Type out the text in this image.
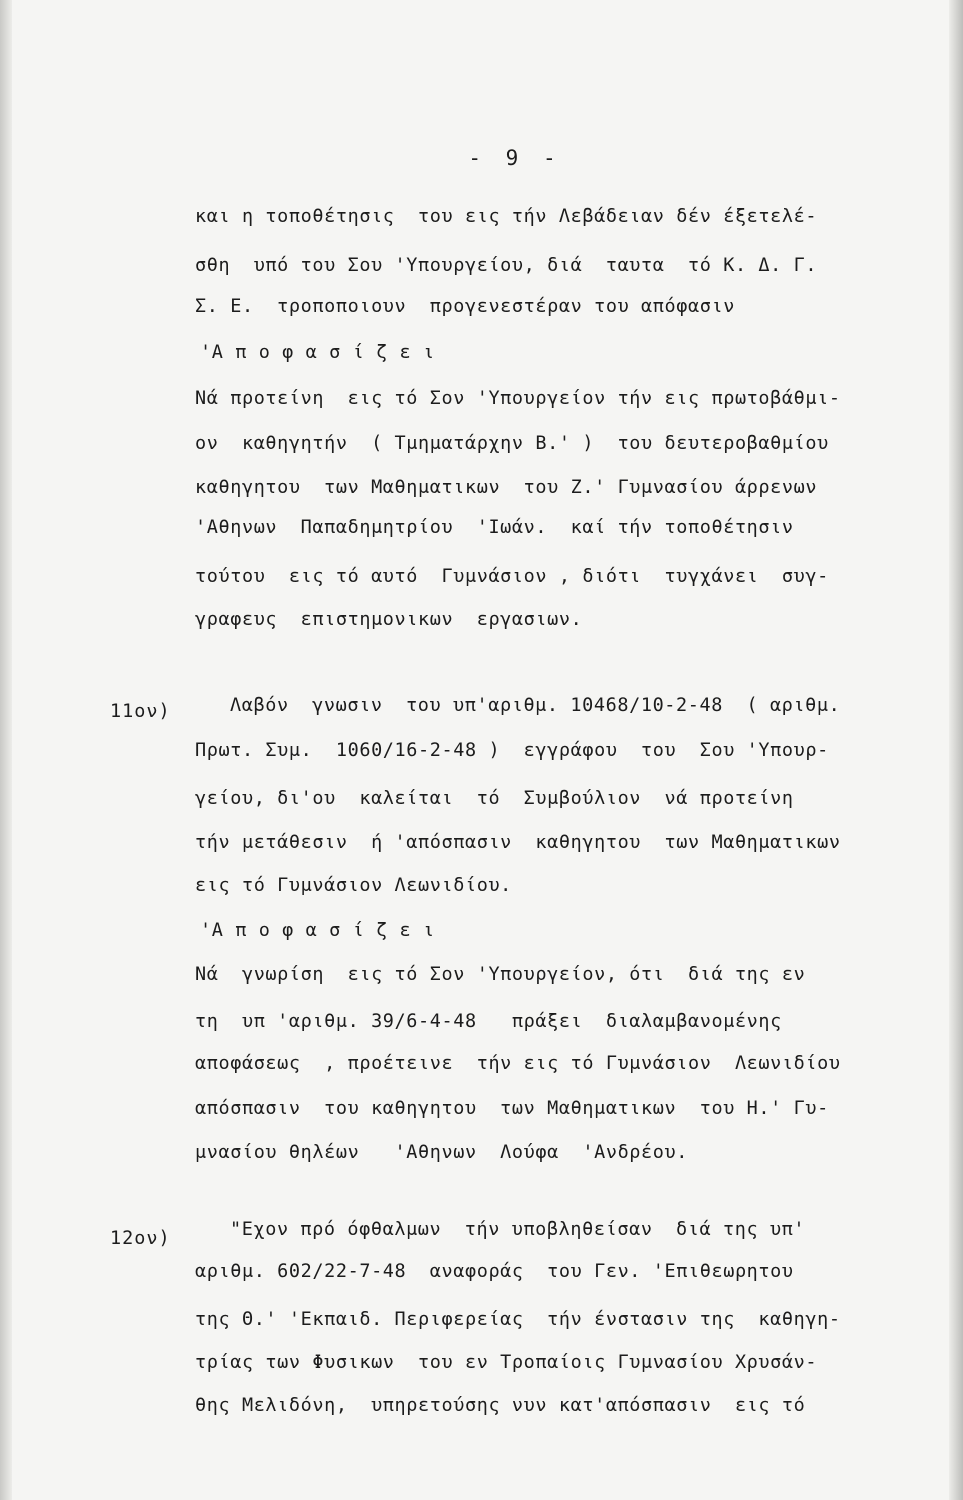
- 9 -
και η τοποθέτησις  του εις τήν Λεβάδειαν δέν έξετελέ-
σθη  υπό του Σου 'Υπουργείου, διά  ταυτα  τό Κ. Δ. Γ.
Σ. Ε.  τροποποιουν  προγενεστέραν του απόφασιν
'Α π ο φ α σ ί ζ ε ι
Νά προτείνη  εις τό Σον 'Υπουργείον τήν εις πρωτοβάθμι-
ον  καθηγητήν  ( Τμηματάρχην Β.' )  του δευτεροβαθμίου
καθηγητου  των Μαθηματικων  του Ζ.' Γυμνασίου άρρενων
'Αθηνων  Παπαδημητρίου  'Ιωάν.  καί τήν τοποθέτησιν
τούτου  εις τό αυτό  Γυμνάσιον , διότι  τυγχάνει  συγ-
γραφευς  επιστημονικων  εργασιων.
11ον)	Λαβόν  γνωσιν  του υπ'αριθμ. 10468/10-2-48  ( αριθμ.
Πρωτ. Συμ.  1060/16-2-48 )  εγγράφου  του  Σου 'Υπουρ-
γείου, δι'ου  καλείται  τό  Συμβούλιον  νά προτείνη
τήν μετάθεσιν  ή 'απόσπασιν  καθηγητου  των Μαθηματικων
εις τό Γυμνάσιον Λεωνιδίου.
'Α π ο φ α σ ί ζ ε ι
Νά  γνωρίση  εις τό Σον 'Υπουργείον, ότι  διά της εν
τη  υπ 'αριθμ. 39/6-4-48   πράξει  διαλαμβανομένης
αποφάσεως  , προέτεινε  τήν εις τό Γυμνάσιον  Λεωνιδίου
απόσπασιν  του καθηγητου  των Μαθηματικων  του Η.' Γυ-
μνασίου θηλέων   'Αθηνων  Λούφα  'Ανδρέου.
12ον)	"Εχον πρό όφθαλμων  τήν υποβληθείσαν  διά της υπ'
αριθμ. 602/22-7-48  αναφοράς  του Γεν. 'Επιθεωρητου
της Θ.' 'Εκπαιδ. Περιφερείας  τήν ένστασιν της  καθηγη-
τρίας των Φυσικων  του εν Τροπαίοις Γυμνασίου Χρυσάν-
θης Μελιδόνη,  υπηρετούσης νυν κατ'απόσπασιν  εις τό
